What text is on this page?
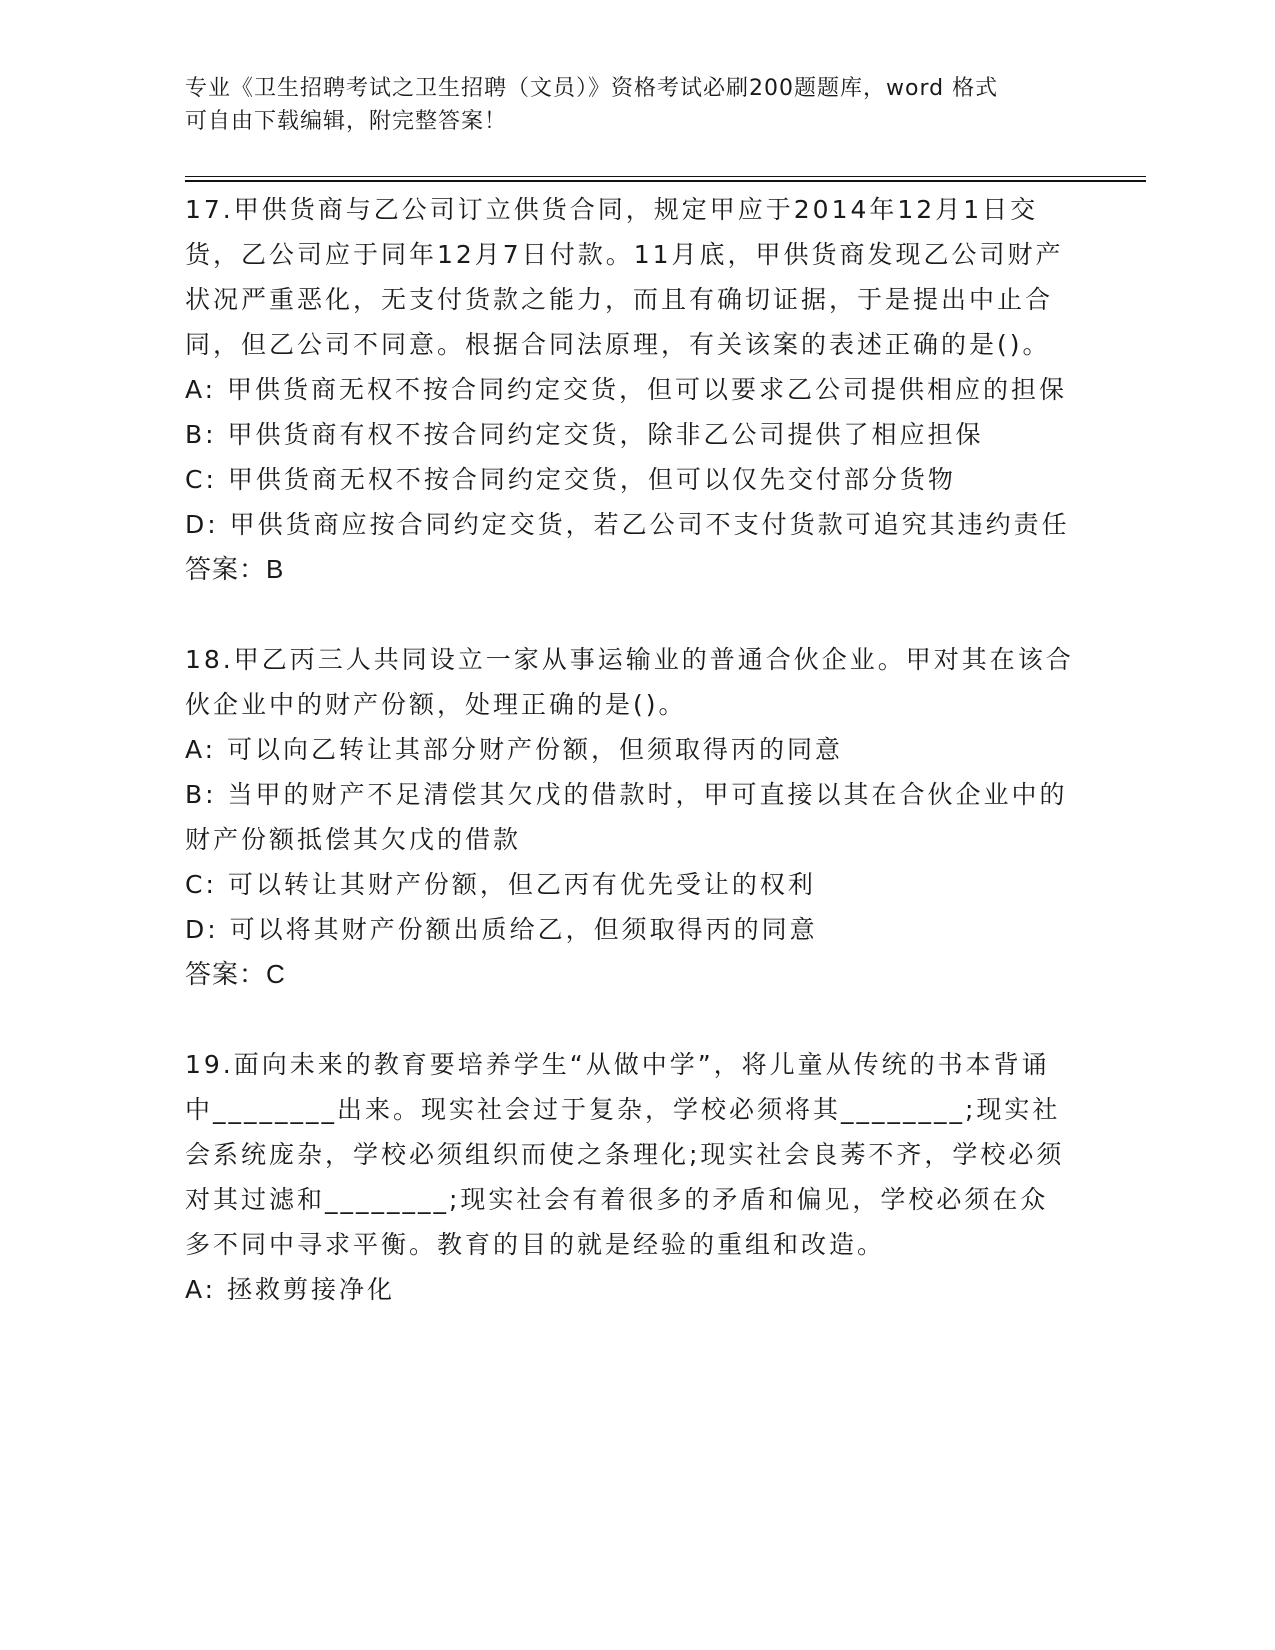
专业《卫生招聘考试之卫生招聘（文员）》资格考试必刷200题题库，word 格式
可自由下载编辑，附完整答案！
17.甲供货商与乙公司订立供货合同，规定甲应于2014年12月1日交货，乙公司应于同年12月7日付款。11月底，甲供货商发现乙公司财产状况严重恶化，无支付货款之能力，而且有确切证据，于是提出中止合同，但乙公司不同意。根据合同法原理，有关该案的表述正确的是()。
A: 甲供货商无权不按合同约定交货，但可以要求乙公司提供相应的担保
B: 甲供货商有权不按合同约定交货，除非乙公司提供了相应担保
C: 甲供货商无权不按合同约定交货，但可以仅先交付部分货物
D: 甲供货商应按合同约定交货，若乙公司不支付货款可追究其违约责任
答案：B
18.甲乙丙三人共同设立一家从事运输业的普通合伙企业。甲对其在该合伙企业中的财产份额，处理正确的是()。
A: 可以向乙转让其部分财产份额，但须取得丙的同意
B: 当甲的财产不足清偿其欠戊的借款时，甲可直接以其在合伙企业中的财产份额抵偿其欠戊的借款
C: 可以转让其财产份额，但乙丙有优先受让的权利
D: 可以将其财产份额出质给乙，但须取得丙的同意
答案：C
19.面向未来的教育要培养学生“从做中学”，将儿童从传统的书本背诵中________出来。现实社会过于复杂，学校必须将其________;现实社会系统庞杂，学校必须组织而使之条理化;现实社会良莠不齐，学校必须对其过滤和________;现实社会有着很多的矛盾和偏见，学校必须在众多不同中寻求平衡。教育的目的就是经验的重组和改造。
A: 拯救剪接净化
